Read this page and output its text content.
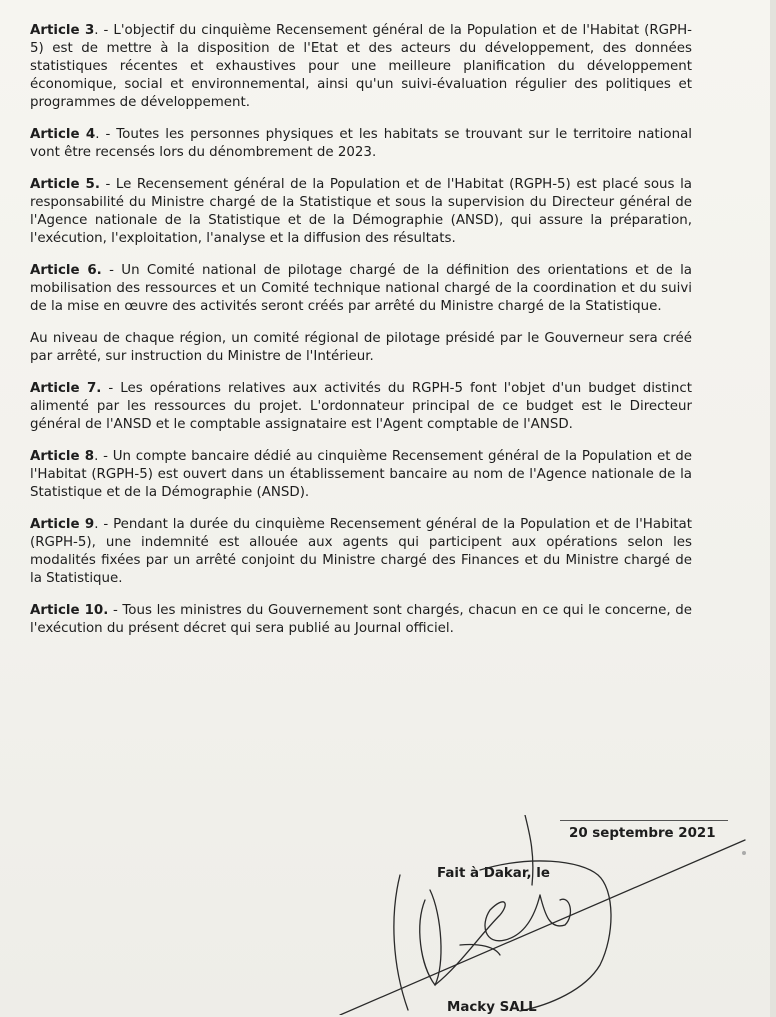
Article 3. - L'objectif du cinquième Recensement général de la Population et de l'Habitat (RGPH-5) est de mettre à la disposition de l'Etat et des acteurs du développement, des données statistiques récentes et exhaustives pour une meilleure planification du développement économique, social et environnemental, ainsi qu'un suivi-évaluation régulier des politiques et programmes de développement.

Article 4. - Toutes les personnes physiques et les habitats se trouvant sur le territoire national vont être recensés lors du dénombrement de 2023.

Article 5. - Le Recensement général de la Population et de l'Habitat (RGPH-5) est placé sous la responsabilité du Ministre chargé de la Statistique et sous la supervision du Directeur général de l'Agence nationale de la Statistique et de la Démographie (ANSD), qui assure la préparation, l'exécution, l'exploitation, l'analyse et la diffusion des résultats.

Article 6. - Un Comité national de pilotage chargé de la définition des orientations et de la mobilisation des ressources et un Comité technique national chargé de la coordination et du suivi de la mise en œuvre des activités seront créés par arrêté du Ministre chargé de la Statistique.

Au niveau de chaque région, un comité régional de pilotage présidé par le Gouverneur sera créé par arrêté, sur instruction du Ministre de l'Intérieur.

Article 7. - Les opérations relatives aux activités du RGPH-5 font l'objet d'un budget distinct alimenté par les ressources du projet. L'ordonnateur principal de ce budget est le Directeur général de l'ANSD et le comptable assignataire est l'Agent comptable de l'ANSD.

Article 8. - Un compte bancaire dédié au cinquième Recensement général de la Population et de l'Habitat (RGPH-5) est ouvert dans un établissement bancaire au nom de l'Agence nationale de la Statistique et de la Démographie (ANSD).

Article 9. - Pendant la durée du cinquième Recensement général de la Population et de l'Habitat (RGPH-5), une indemnité est allouée aux agents qui participent aux opérations selon les modalités fixées par un arrêté conjoint du Ministre chargé des Finances et du Ministre chargé de la Statistique.

Article 10. - Tous les ministres du Gouvernement sont chargés, chacun en ce qui le concerne, de l'exécution du présent décret qui sera publié au Journal officiel.

20 septembre 2021
Fait à Dakar, le
Macky SALL
